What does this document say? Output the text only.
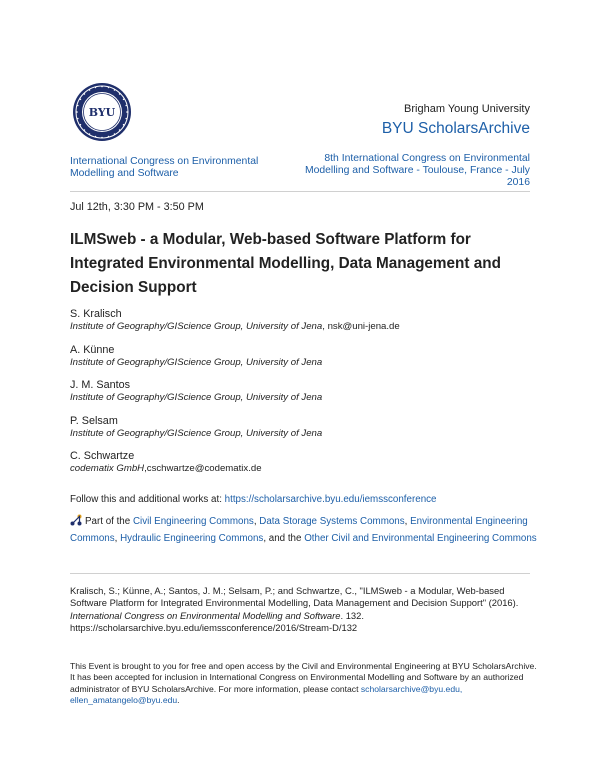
BYU	Brigham Young University
BYU ScholarsArchive
International Congress on Environmental Modelling and Software
8th International Congress on Environmental Modelling and Software - Toulouse, France - July 2016
Jul 12th, 3:30 PM - 3:50 PM
ILMSweb - a Modular, Web-based Software Platform for Integrated Environmental Modelling, Data Management and Decision Support
S. Kralisch
Institute of Geography/GIScience Group, University of Jena, nsk@uni-jena.de
A. Künne
Institute of Geography/GIScience Group, University of Jena
J. M. Santos
Institute of Geography/GIScience Group, University of Jena
P. Selsam
Institute of Geography/GIScience Group, University of Jena
C. Schwartze
codematix GmbH,cschwartze@codematix.de
Follow this and additional works at: https://scholarsarchive.byu.edu/iemssconference
Part of the Civil Engineering Commons, Data Storage Systems Commons, Environmental Engineering Commons, Hydraulic Engineering Commons, and the Other Civil and Environmental Engineering Commons
Kralisch, S.; Künne, A.; Santos, J. M.; Selsam, P.; and Schwartze, C., "ILMSweb - a Modular, Web-based Software Platform for Integrated Environmental Modelling, Data Management and Decision Support" (2016). International Congress on Environmental Modelling and Software. 132.
https://scholarsarchive.byu.edu/iemssconference/2016/Stream-D/132
This Event is brought to you for free and open access by the Civil and Environmental Engineering at BYU ScholarsArchive. It has been accepted for inclusion in International Congress on Environmental Modelling and Software by an authorized administrator of BYU ScholarsArchive. For more information, please contact scholarsarchive@byu.edu, ellen_amatangelo@byu.edu.
